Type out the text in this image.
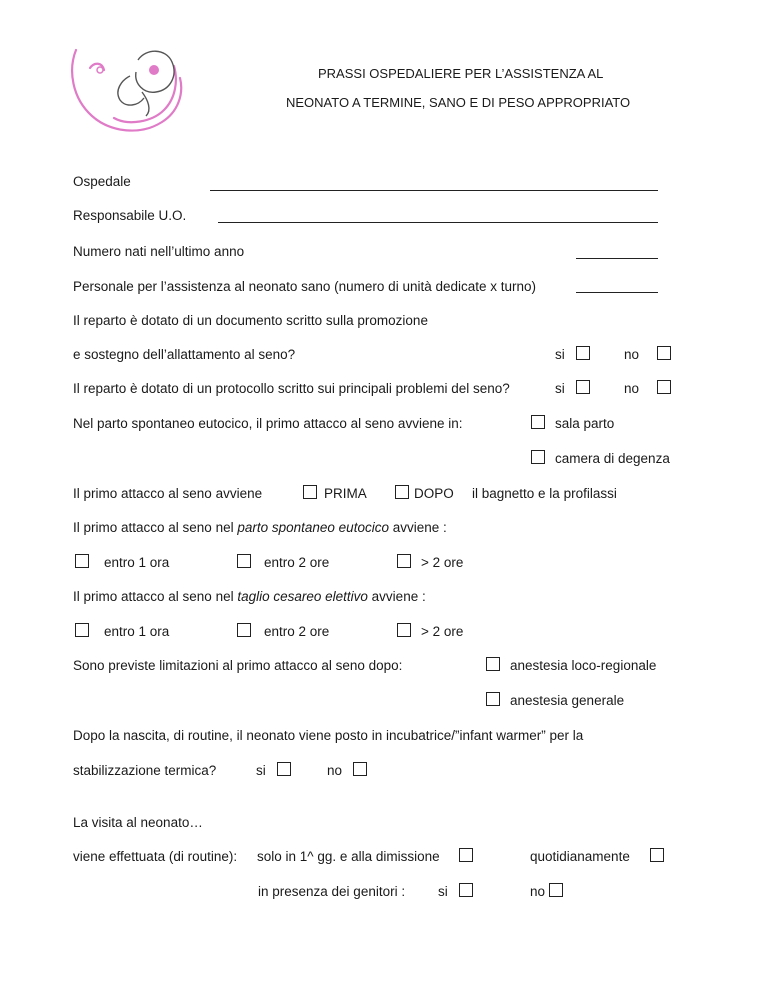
PRASSI OSPEDALIERE PER L’ASSISTENZA AL
NEONATO A TERMINE, SANO E DI PESO APPROPRIATO
Ospedale
Responsabile U.O.
Numero nati nell’ultimo anno
Personale per l’assistenza al neonato sano (numero di unità dedicate x turno)
Il reparto è dotato di un documento scritto sulla promozione
e sostegno dell’allattamento al seno?	si	no
Il reparto è dotato di un protocollo scritto sui principali problemi del seno?	si	no
Nel parto spontaneo eutocico, il primo attacco al seno avviene in:	sala parto
camera di degenza
Il primo attacco al seno avviene	PRIMA	DOPO il bagnetto e la profilassi
Il primo attacco al seno nel parto spontaneo eutocico avviene :
entro 1 ora	entro 2 ore	> 2 ore
Il primo attacco al seno nel taglio cesareo elettivo avviene :
entro 1 ora	entro 2 ore	> 2 ore
Sono previste limitazioni al primo attacco al seno dopo:	anestesia loco-regionale
anestesia generale
Dopo la nascita, di routine, il neonato viene posto in incubatrice/”infant warmer” per la
stabilizzazione termica?	si	no
La visita al neonato…
viene effettuata (di routine): solo in 1^ gg. e alla dimissione	quotidianamente
in presenza dei genitori : si	no
